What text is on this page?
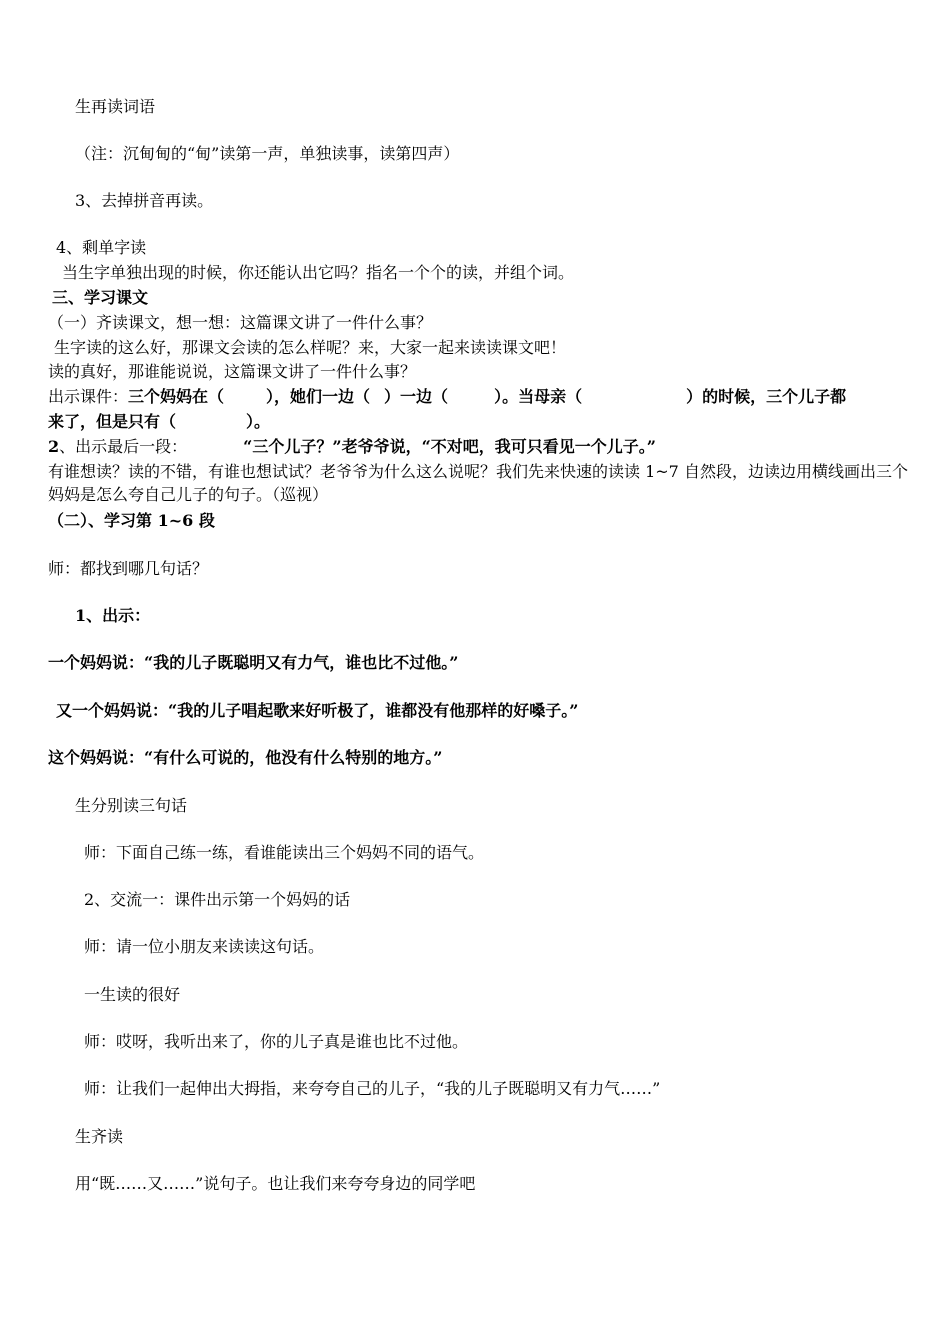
生再读词语
（注：沉甸甸的“甸”读第一声，单独读事，读第四声）
3、去掉拼音再读。
4、剩单字读
当生字单独出现的时候，你还能认出它吗？指名一个个的读，并组个词。
三、学习课文
（一）齐读课文，想一想：这篇课文讲了一件什么事？
生字读的这么好，那课文会读的怎么样呢？来，大家一起来读读课文吧！
读的真好，那谁能说说，这篇课文讲了一件什么事？
出示课件：三个妈妈在（	），她们一边（ ）一边（	）。当母亲（	）的时候，三个儿子都
来了，但是只有（	）。
2、出示最后一段：	“三个儿子？”老爷爷说，“不对吧，我可只看见一个儿子。”
有谁想读？读的不错，有谁也想试试？老爷爷为什么这么说呢？我们先来快速的读读 1~7 自然段，边读边用横线画出三个妈妈是怎么夸自己儿子的句子。（巡视）
（二）、学习第 1~6 段
师：都找到哪几句话？
1、出示：
一个妈妈说：“我的儿子既聪明又有力气，谁也比不过他。”
又一个妈妈说：“我的儿子唱起歌来好听极了，谁都没有他那样的好嗓子。”
这个妈妈说：“有什么可说的，他没有什么特别的地方。”
生分别读三句话
师：下面自己练一练，看谁能读出三个妈妈不同的语气。
2、交流一：课件出示第一个妈妈的话
师：请一位小朋友来读读这句话。
一生读的很好
师：哎呀，我听出来了，你的儿子真是谁也比不过他。
师：让我们一起伸出大拇指，来夸夸自己的儿子，“我的儿子既聪明又有力气……”
生齐读
用“既……又……”说句子。也让我们来夸夸身边的同学吧
